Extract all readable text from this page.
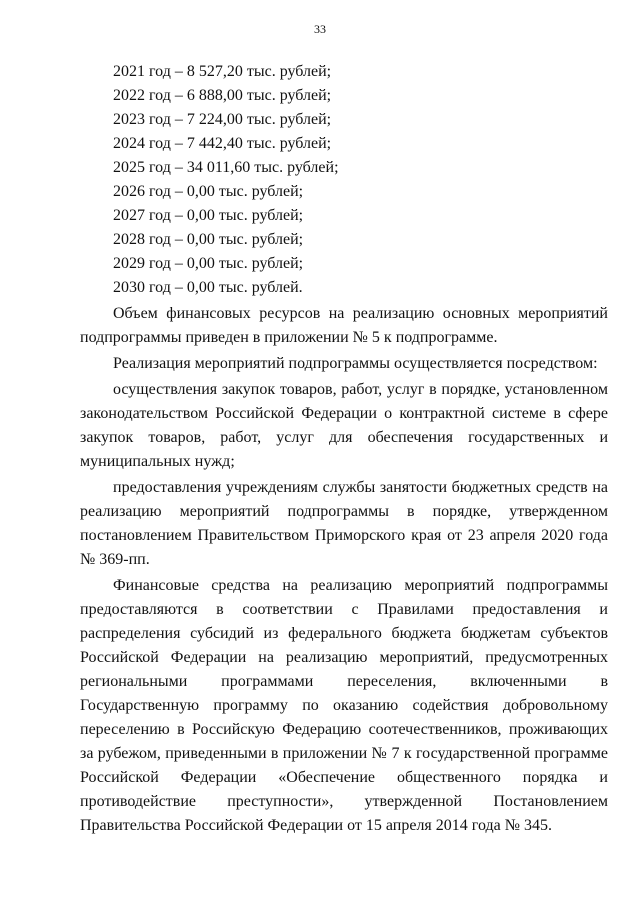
33
2021 год – 8 527,20 тыс. рублей;
2022 год – 6 888,00 тыс. рублей;
2023 год – 7 224,00 тыс. рублей;
2024 год – 7 442,40 тыс. рублей;
2025 год – 34 011,60 тыс. рублей;
2026 год – 0,00 тыс. рублей;
2027 год – 0,00 тыс. рублей;
2028 год – 0,00 тыс. рублей;
2029 год – 0,00 тыс. рублей;
2030 год – 0,00 тыс. рублей.

Объем финансовых ресурсов на реализацию основных мероприятий подпрограммы приведен в приложении № 5 к подпрограмме.

Реализация мероприятий подпрограммы осуществляется посредством:

осуществления закупок товаров, работ, услуг в порядке, установленном законодательством Российской Федерации о контрактной системе в сфере закупок товаров, работ, услуг для обеспечения государственных и муниципальных нужд;

предоставления учреждениям службы занятости бюджетных средств на реализацию мероприятий подпрограммы в порядке, утвержденном постановлением Правительством Приморского края от 23 апреля 2020 года № 369-пп.

Финансовые средства на реализацию мероприятий подпрограммы предоставляются в соответствии с Правилами предоставления и распределения субсидий из федерального бюджета бюджетам субъектов Российской Федерации на реализацию мероприятий, предусмотренных региональными программами переселения, включенными в Государственную программу по оказанию содействия добровольному переселению в Российскую Федерацию соотечественников, проживающих за рубежом, приведенными в приложении № 7 к государственной программе Российской Федерации «Обеспечение общественного порядка и противодействие преступности», утвержденной Постановлением Правительства Российской Федерации от 15 апреля 2014 года № 345.
